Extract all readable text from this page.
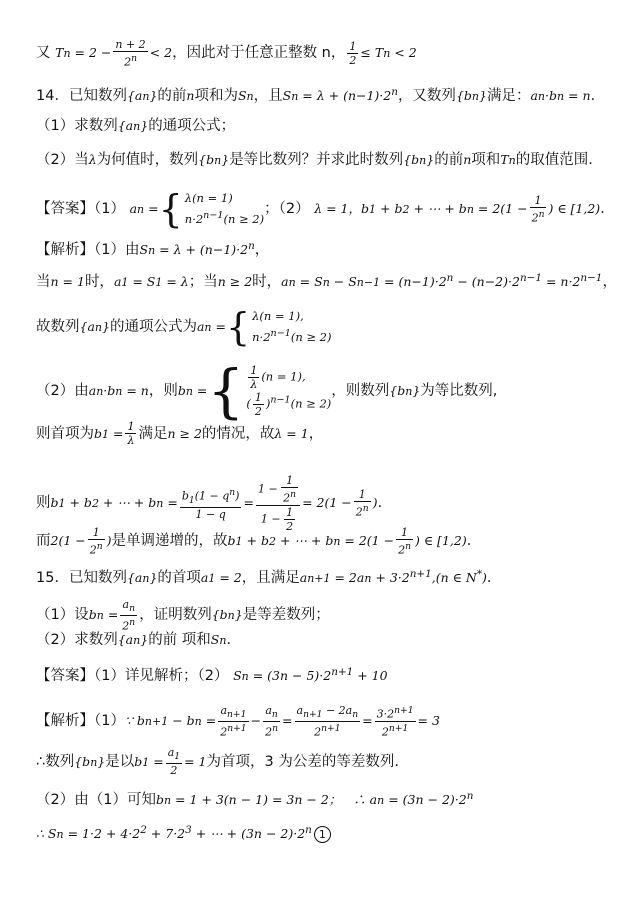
又 $Tn = 2 - \frac{n + 2}{2^n} < 2$，因此对于任意正整数 n， $\frac{1}{2} \le Tn < 2$
14．已知数列{an}的前n项和为Sn，且$Sn = \lambda + (n-1)\cdot 2^n$，又数列{bn}满足：an·bn = n．
（1）求数列{an}的通项公式；
（2）当λ为何值时，数列{bn}是等比数列？并求此时数列{bn}的前n项和Tn的取值范围.
【答案】（1） an = { λ(n = 1)
$n\cdot 2^{n-1}(n \ge 2)$
；（2） λ = 1，b1 + b2 + ⋯ + bn = $2(1 - \frac{1}{2^n}$ ) ∈ [1,2)．
【解析】（1）由$Sn = \lambda + (n-1)\cdot 2^n$，
当n = 1时，a1 = S1 = λ；当n ≥ 2时，an = $Sn - Sn-1 = (n-1)\cdot 2^n - (n-2)\cdot 2^{n-1} = n\cdot 2^{n-1}$，
故数列{an}的通项公式为an = { λ(n = 1),
$n\cdot 2^{n-1}(n \ge 2)$
（2）由an·bn = n，则bn = { $\frac{1}{\lambda} (n = 1)$,
( $\frac{1}{2} )^{n-1}(n \ge 2)$
，则数列{bn}为等比数列,
则首项为$b1 = \frac{1}{\lambda}$ 满足n ≥ 2的情况，故λ = 1，
则b1 + b2 + ⋯ + bn = $\frac{b_1(1 - q^n)}{1 - q} = \frac{1 - \frac{1}{2^n}}{1 - \frac{1}{2}} = 2(1 - \frac{1}{2^n}$ )．
而$2(1 - \frac{1}{2^n}$ )是单调递增的，故b1 + b2 + ⋯ + bn = $2(1 - \frac{1}{2^n}$ ) ∈ [1,2)．
15．已知数列{an}的首项a1 = 2，且满足$an+1 = 2an + 3\cdot 2^{n+1},(n$ ∈ N*)．
（1）设bn = $\frac{a_n}{2^n}$ ，证明数列{bn}是等差数列；
（2）求数列{an}的前 项和Sn．
【答案】（1）详见解析；（2） $Sn = (3n - 5)\cdot 2^{n+1} + 10$
【解析】（1）∵ bn+1 − bn = $\frac{a_{n+1}}{2^{n+1}} - \frac{a_n}{2^n} = \frac{a_{n+1} - 2a_n}{2^{n+1}} = \frac{3\cdot 2^{n+1}}{2^{n+1}} = 3$
∴数列{bn}是以$b1 = \frac{a_1}{2} = 1$为首项，3 为公差的等差数列.
（2）由（1）可知bn = 1 + 3(n − 1) = 3n − 2；   ∴ an = $(3n - 2)\cdot 2^n$
∴ $Sn = 1\cdot 2 + 4\cdot 2^2 + 7\cdot 2^3$ + ⋯ + $(3n - 2)\cdot 2^n$ 1
